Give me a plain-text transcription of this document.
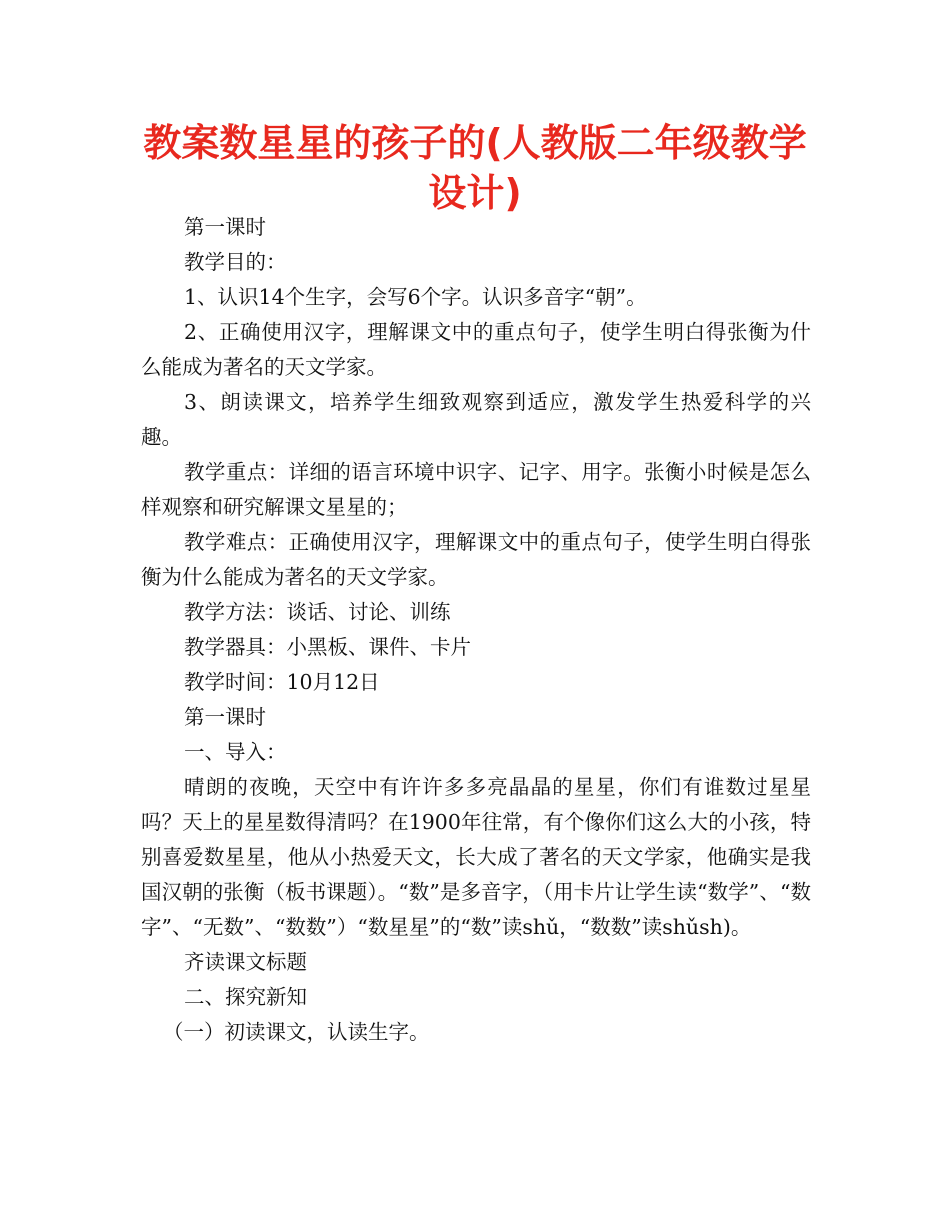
教案数星星的孩子的(人教版二年级教学设计)

第一课时

教学目的：

1、认识14个生字，会写6个字。认识多音字“朝”。

2、正确使用汉字，理解课文中的重点句子，使学生明白得张衡为什么能成为著名的天文学家。

3、朗读课文，培养学生细致观察到适应，激发学生热爱科学的兴趣。

教学重点：详细的语言环境中识字、记字、用字。张衡小时候是怎么样观察和研究解课文星星的；

教学难点：正确使用汉字，理解课文中的重点句子，使学生明白得张衡为什么能成为著名的天文学家。

教学方法：谈话、讨论、训练

教学器具：小黑板、课件、卡片

教学时间：10月12日

第一课时

一、导入：

晴朗的夜晚，天空中有许许多多亮晶晶的星星，你们有谁数过星星吗？天上的星星数得清吗？在1900年往常，有个像你们这么大的小孩，特别喜爱数星星，他从小热爱天文，长大成了著名的天文学家，他确实是我国汉朝的张衡（板书课题）。“数”是多音字，（用卡片让学生读“数学”、“数字”、“无数”、“数数”）“数星星”的“数”读shǔ，“数数”读shǔsh)。

齐读课文标题

二、探究新知

（一）初读课文，认读生字。
